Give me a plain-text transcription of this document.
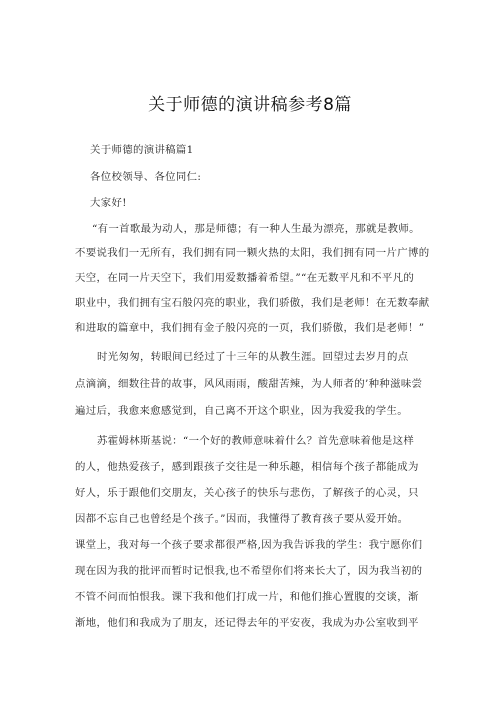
关于师德的演讲稿参考8篇
关于师德的演讲稿篇1
各位校领导、各位同仁:
大家好!
“有一首歌最为动人，那是师德；有一种人生最为漂亮，那就是教师。
不要说我们一无所有，我们拥有同一颗火热的太阳，我们拥有同一片广博的
天空，在同一片天空下，我们用爱数播着希望。”“在无数平凡和不平凡的
职业中，我们拥有宝石般闪亮的职业，我们骄傲，我们是老师！在无数奉献
和进取的篇章中，我们拥有金子般闪亮的一页，我们骄傲，我们是老师！”
时光匆匆，转眼间已经过了十三年的从教生涯。回望过去岁月的点
点滴滴，细数往昔的故事，风风雨雨，酸甜苦辣，为人师者的’种种滋味尝
遍过后，我愈来愈感觉到，自己离不开这个职业，因为我爱我的学生。
苏霍姆林斯基说：“一个好的教师意味着什么？首先意味着他是这样
的人，他热爱孩子，感到跟孩子交往是一种乐趣，相信每个孩子都能成为
好人，乐于跟他们交朋友，关心孩子的快乐与悲伤，了解孩子的心灵，只
因都不忘自己也曾经是个孩子。”因而，我懂得了教育孩子要从爱开始。
课堂上，我对每一个孩子要求都很严格,因为我告诉我的学生：我宁愿你们
现在因为我的批评而暂时记恨我,也不希望你们将来长大了，因为我当初的
不管不问而怕恨我。课下我和他们打成一片，和他们推心置腹的交谈，渐
渐地，他们和我成为了朋友，还记得去年的平安夜，我成为办公室收到平
